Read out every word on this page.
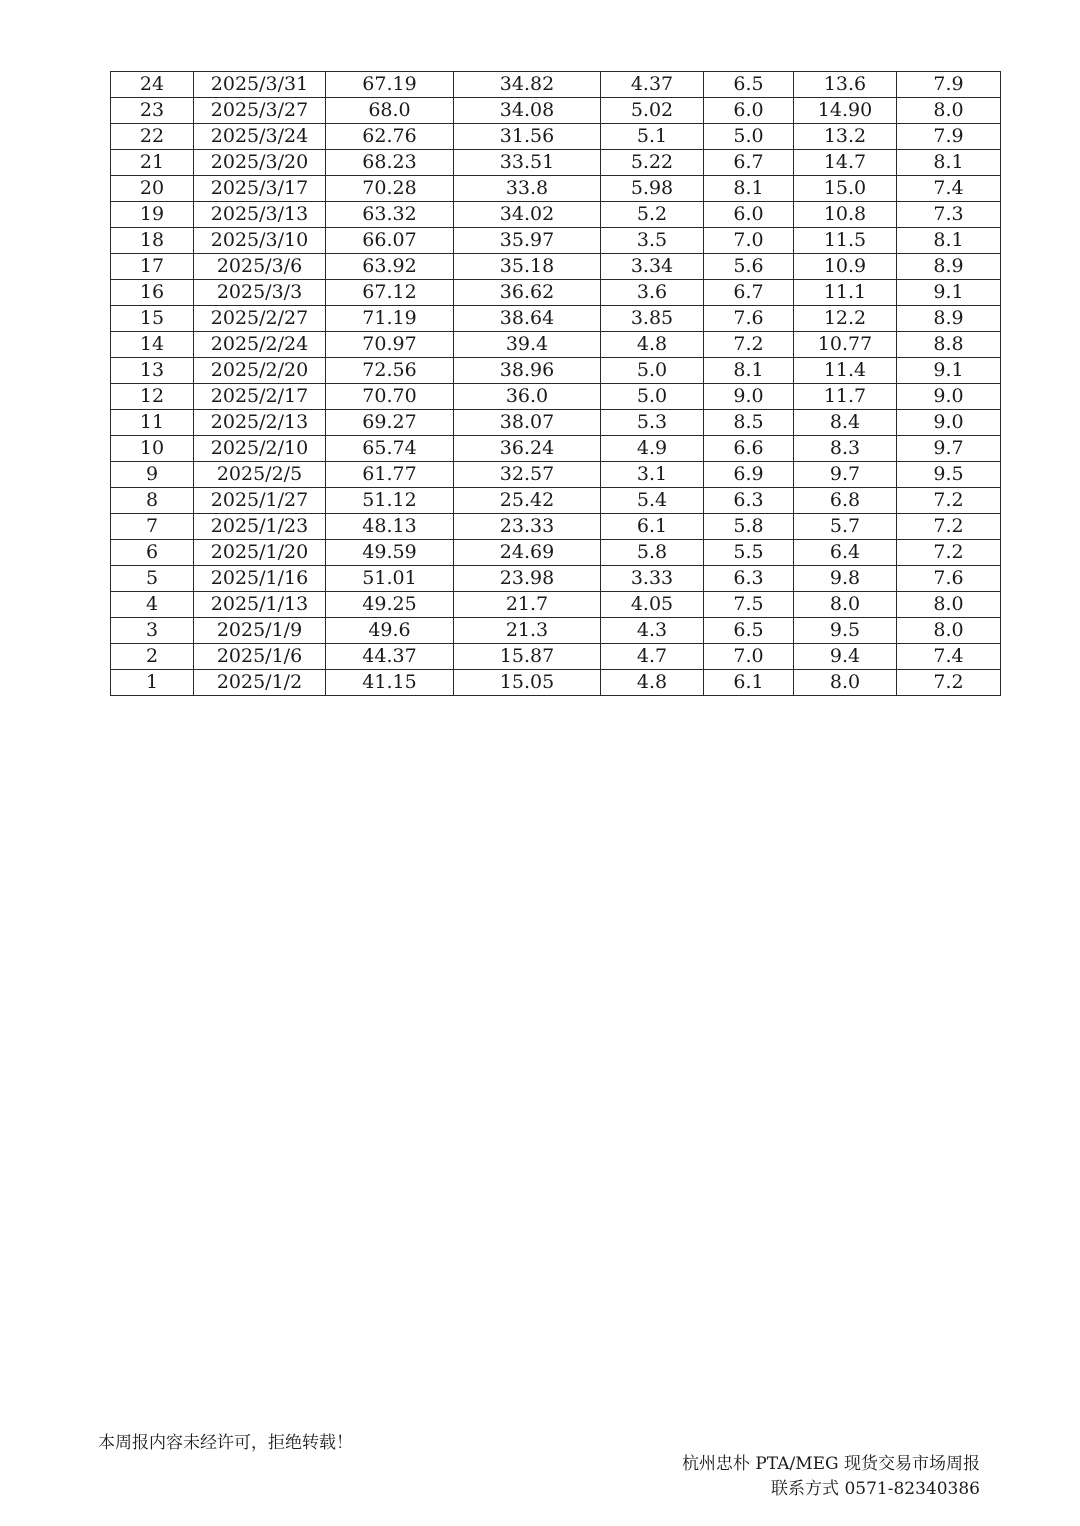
24	2025/3/31	67.19	34.82	4.37	6.5	13.6	7.9
23	2025/3/27	68.0	34.08	5.02	6.0	14.90	8.0
22	2025/3/24	62.76	31.56	5.1	5.0	13.2	7.9
21	2025/3/20	68.23	33.51	5.22	6.7	14.7	8.1
20	2025/3/17	70.28	33.8	5.98	8.1	15.0	7.4
19	2025/3/13	63.32	34.02	5.2	6.0	10.8	7.3
18	2025/3/10	66.07	35.97	3.5	7.0	11.5	8.1
17	2025/3/6	63.92	35.18	3.34	5.6	10.9	8.9
16	2025/3/3	67.12	36.62	3.6	6.7	11.1	9.1
15	2025/2/27	71.19	38.64	3.85	7.6	12.2	8.9
14	2025/2/24	70.97	39.4	4.8	7.2	10.77	8.8
13	2025/2/20	72.56	38.96	5.0	8.1	11.4	9.1
12	2025/2/17	70.70	36.0	5.0	9.0	11.7	9.0
11	2025/2/13	69.27	38.07	5.3	8.5	8.4	9.0
10	2025/2/10	65.74	36.24	4.9	6.6	8.3	9.7
9	2025/2/5	61.77	32.57	3.1	6.9	9.7	9.5
8	2025/1/27	51.12	25.42	5.4	6.3	6.8	7.2
7	2025/1/23	48.13	23.33	6.1	5.8	5.7	7.2
6	2025/1/20	49.59	24.69	5.8	5.5	6.4	7.2
5	2025/1/16	51.01	23.98	3.33	6.3	9.8	7.6
4	2025/1/13	49.25	21.7	4.05	7.5	8.0	8.0
3	2025/1/9	49.6	21.3	4.3	6.5	9.5	8.0
2	2025/1/6	44.37	15.87	4.7	7.0	9.4	7.4
1	2025/1/2	41.15	15.05	4.8	6.1	8.0	7.2
本周报内容未经许可，拒绝转载！
杭州忠朴 PTA/MEG 现货交易市场周报
联系方式 0571-82340386
